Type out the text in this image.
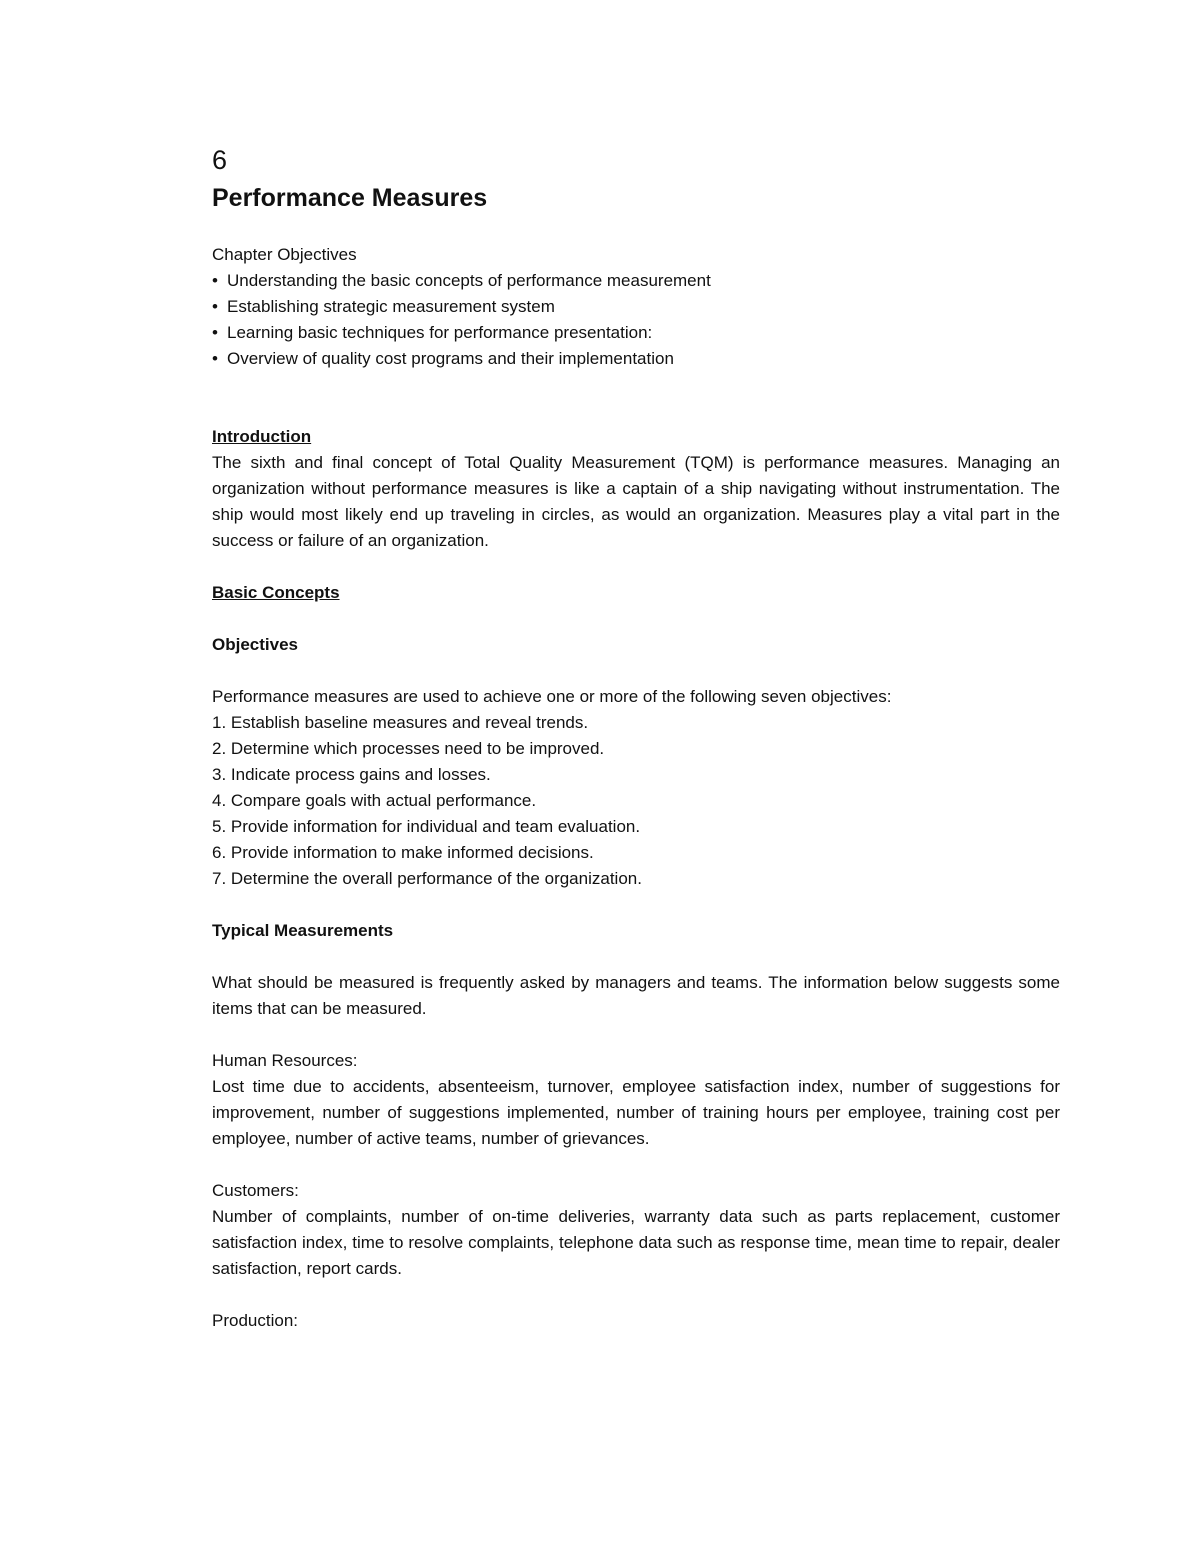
6

Performance Measures

Chapter Objectives

• Understanding the basic concepts of performance measurement
• Establishing strategic measurement system
• Learning basic techniques for performance presentation:
• Overview of quality cost programs and their implementation

Introduction

The sixth and final concept of Total Quality Measurement (TQM) is performance measures. Managing an organization without performance measures is like a captain of a ship navigating without instrumentation. The ship would most likely end up traveling in circles, as would an organization. Measures play a vital part in the success or failure of an organization.

Basic Concepts

Objectives

Performance measures are used to achieve one or more of the following seven objectives:

1. Establish baseline measures and reveal trends.
2. Determine which processes need to be improved.
3. Indicate process gains and losses.
4. Compare goals with actual performance.
5. Provide information for individual and team evaluation.
6. Provide information to make informed decisions.
7. Determine the overall performance of the organization.

Typical Measurements

What should be measured is frequently asked by managers and teams. The information below suggests some items that can be measured.

Human Resources:

Lost time due to accidents, absenteeism, turnover, employee satisfaction index, number of suggestions for improvement, number of suggestions implemented, number of training hours per employee, training cost per employee, number of active teams, number of grievances.

Customers:

Number of complaints, number of on-time deliveries, warranty data such as parts replacement, customer satisfaction index, time to resolve complaints, telephone data such as response time, mean time to repair, dealer satisfaction, report cards.

Production:
